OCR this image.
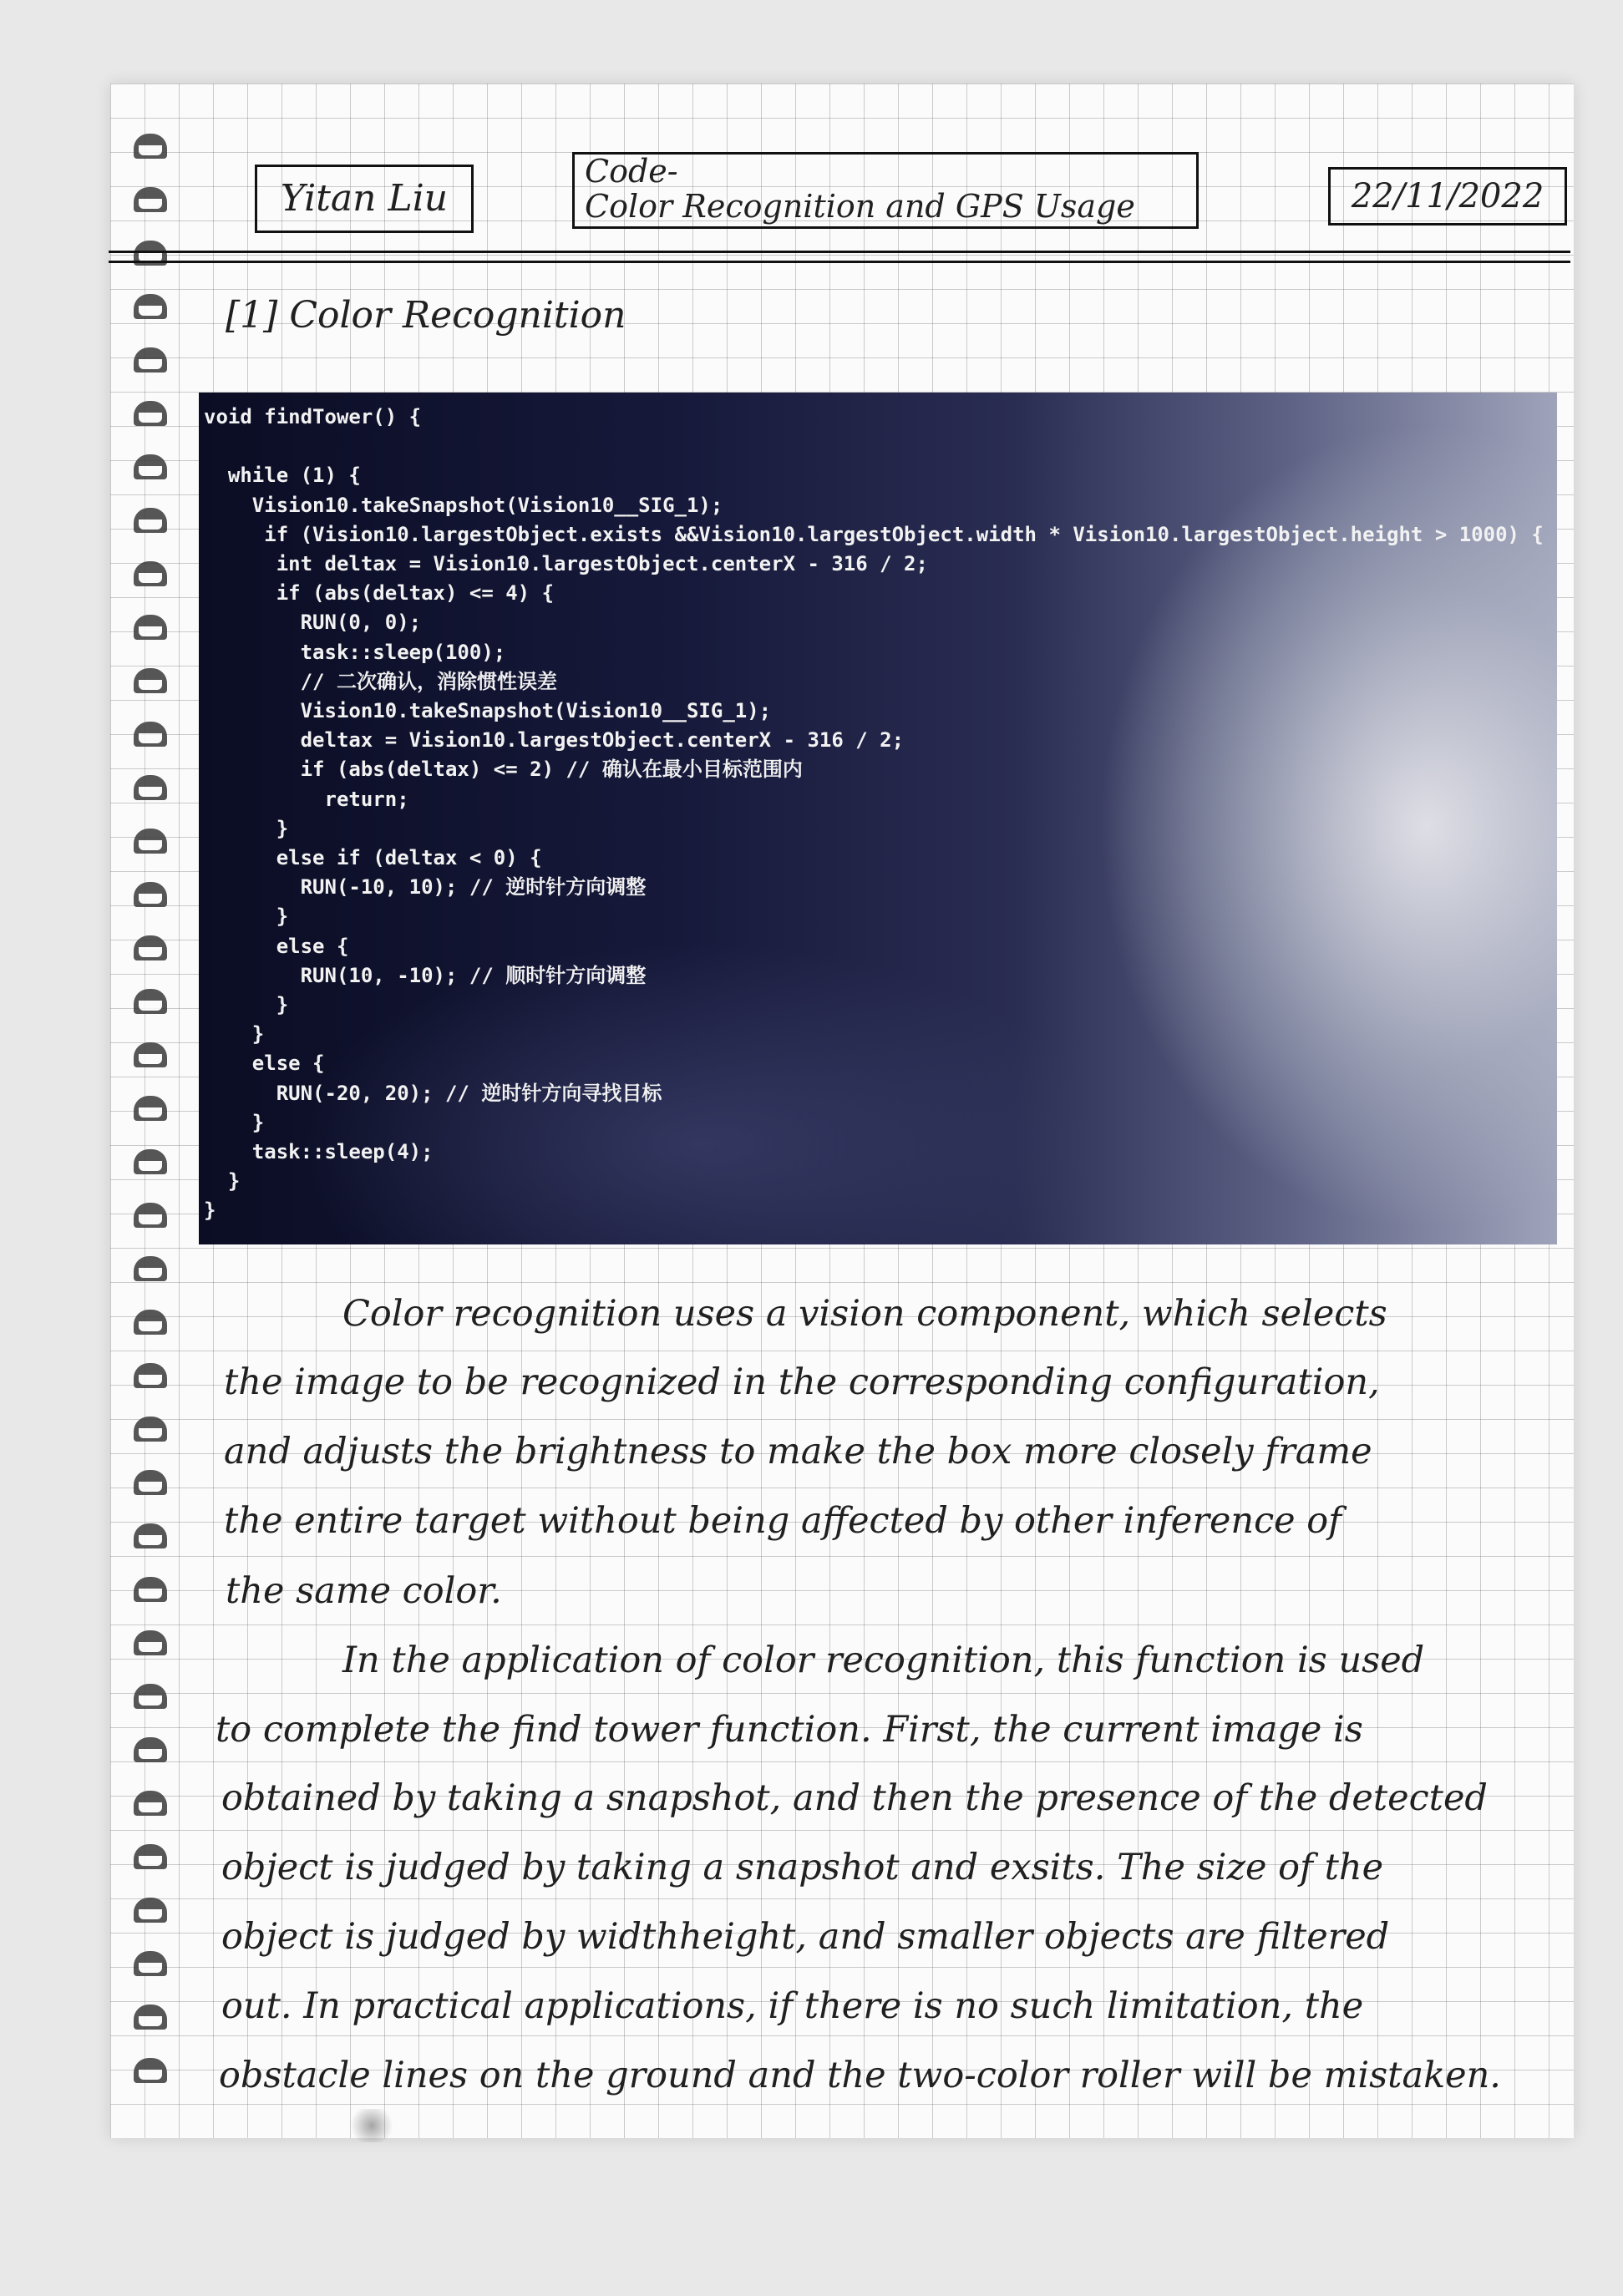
Yitan Liu
Code-
Color Recognition and GPS Usage	22/11/2022
[1] Color Recognition
void findTower() {

while (1) {
Vision10.takeSnapshot(Vision10__SIG_1);
if (Vision10.largestObject.exists &&Vision10.largestObject.width * Vision10.largestObject.height > 1000) {
int deltax = Vision10.largestObject.centerX - 316 / 2;
if (abs(deltax) <= 4) {
RUN(0, 0);
task::sleep(100);
// 二次确认，消除惯性误差
Vision10.takeSnapshot(Vision10__SIG_1);
deltax = Vision10.largestObject.centerX - 316 / 2;
if (abs(deltax) <= 2) // 确认在最小目标范围内
return;
}
else if (deltax < 0) {
RUN(-10, 10); // 逆时针方向调整
}
else {
RUN(10, -10); // 顺时针方向调整
}
}
else {
RUN(-20, 20); // 逆时针方向寻找目标
}
task::sleep(4);
}
}

Color recognition uses a vision component, which selects
the image to be recognized in the corresponding configuration,
and adjusts the brightness to make the box more closely frame
the entire target without being affected by other inference of
the same color.
In the application of color recognition, this function is used
to complete the find tower function. First, the current image is
obtained by taking a snapshot, and then the presence of the detected
object is judged by taking a snapshot and exsits. The size of the
object is judged by widthheight, and smaller objects are filtered
out. In practical applications, if there is no such limitation, the
obstacle lines on the ground and the two-color roller will be mistaken.
